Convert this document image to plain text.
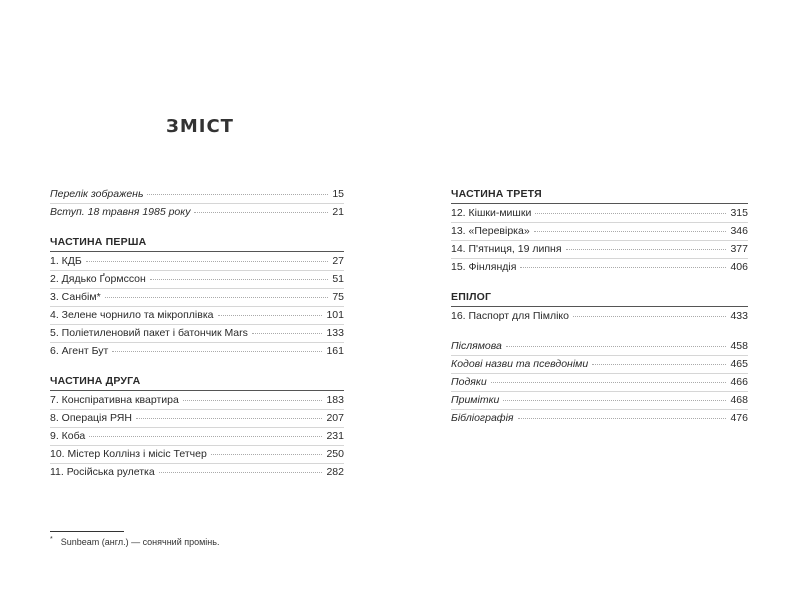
ЗМІСТ
Перелік зображень	15
Вступ. 18 травня 1985 року	21
ЧАСТИНА ПЕРША
1. КДБ	27
2. Дядько Ґормссон	51
3. Санбім*	75
4. Зелене чорнило та мікроплівка	101
5. Поліетиленовий пакет і батончик Mars	133
6. Агент Бут	161
ЧАСТИНА ДРУГА
7. Конспіративна квартира	183
8. Операція РЯН	207
9. Коба	231
10. Містер Коллінз і місіс Тетчер	250
11. Російська рулетка	282
ЧАСТИНА ТРЕТЯ
12. Кішки-мишки	315
13. «Перевірка»	346
14. П'ятниця, 19 липня	377
15. Фінляндія	406
ЕПІЛОГ
16. Паспорт для Пімліко	433
Післямова	458
Кодові назви та псевдоніми	465
Подяки	466
Примітки	468
Бібліографія	476
* Sunbeam (англ.) — сонячний промінь.
